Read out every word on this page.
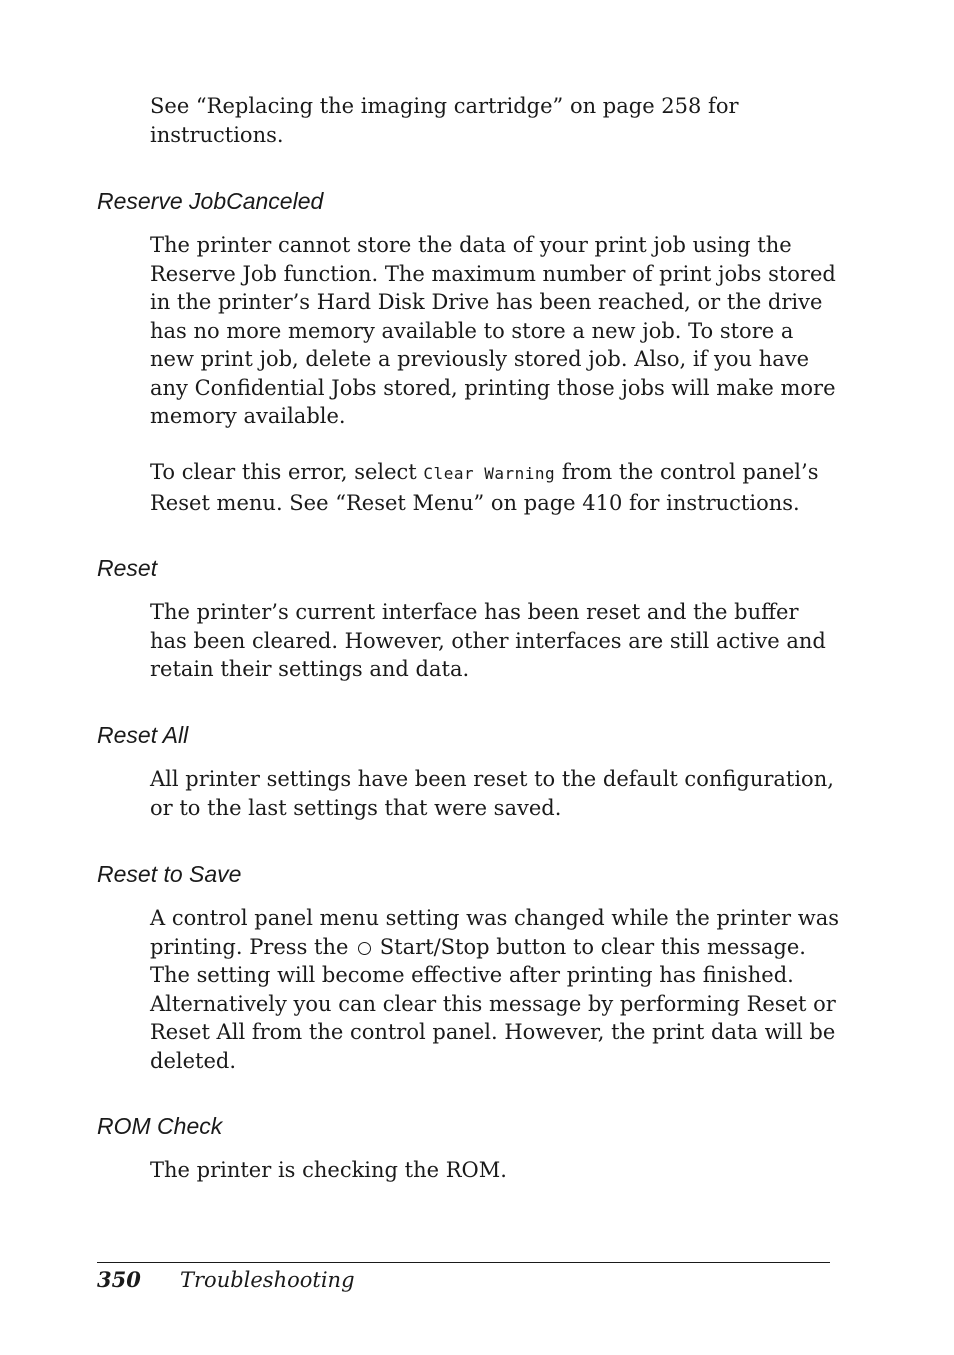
See “Replacing the imaging cartridge” on page 258 for instructions.

Reserve JobCanceled

The printer cannot store the data of your print job using the Reserve Job function. The maximum number of print jobs stored in the printer’s Hard Disk Drive has been reached, or the drive has no more memory available to store a new job. To store a new print job, delete a previously stored job. Also, if you have any Confidential Jobs stored, printing those jobs will make more memory available.

To clear this error, select Clear Warning from the control panel’s Reset menu. See “Reset Menu” on page 410 for instructions.

Reset

The printer’s current interface has been reset and the buffer has been cleared. However, other interfaces are still active and retain their settings and data.

Reset All

All printer settings have been reset to the default configuration, or to the last settings that were saved.

Reset to Save

A control panel menu setting was changed while the printer was printing. Press the  Start/Stop button to clear this message. The setting will become effective after printing has finished. Alternatively you can clear this message by performing Reset or Reset All from the control panel. However, the print data will be deleted.

ROM Check

The printer is checking the ROM.

350 Troubleshooting
